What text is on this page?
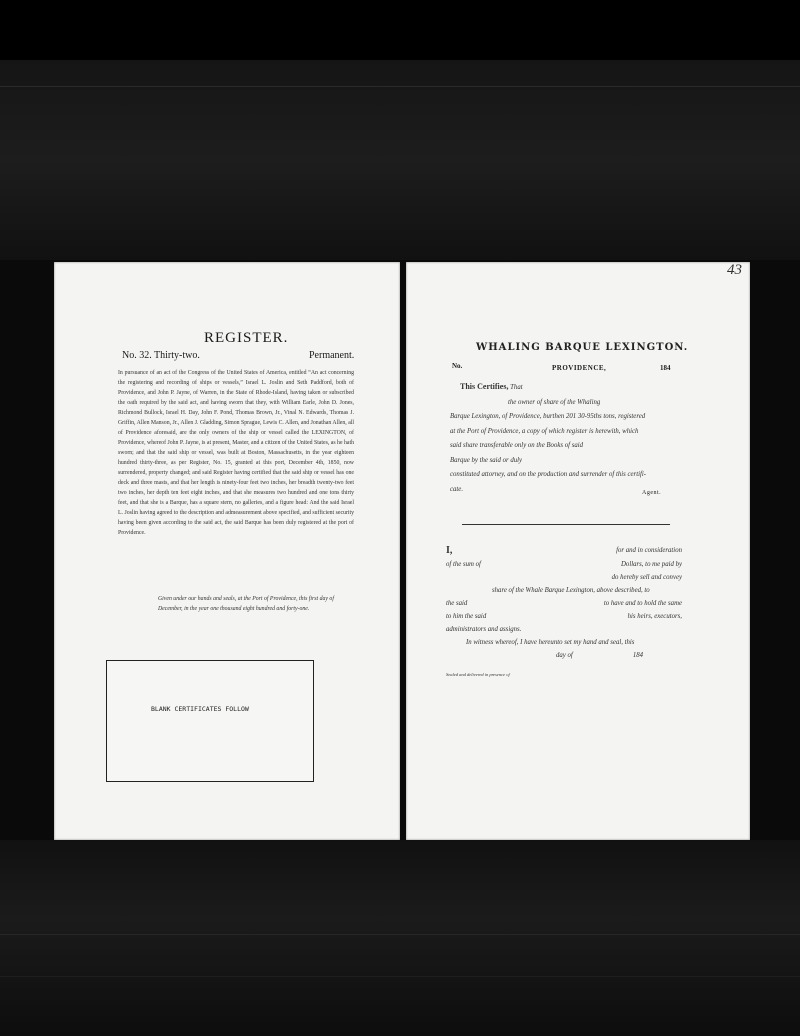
REGISTER.
No. 32. Thirty-two.	Permanent.
In pursuance of an act of the Congress of the United States of America, entitled “An act concerning the registering and recording of ships or vessels,” Israel L. Joslin and Seth Paddford, both of Providence, and John P. Jayne, of Warren, in the State of Rhode-Island, having taken or subscribed the oath required by the said act, and having sworn that they, with William Earle, John D. Jones, Richmond Bullock, Israel H. Day, John F. Pond, Thomas Brown, Jr., Vinal N. Edwards, Thomas J. Griffin, Allen Manson, Jr., Allen J. Gladding, Simon Sprague, Lewis C. Allen, and Jonathan Allen, all of Providence aforesaid, are the only owners of the ship or vessel called the LEXINGTON, of Providence, whereof John P. Jayne, is at present, Master, and a citizen of the United States, as he hath sworn; and that the said ship or vessel, was built at Boston, Massachusetts, in the year eighteen hundred thirty-three, as per Register, No. 15, granted at this port, December 4th, 1850, now surrendered, property changed; and said Register having certified that the said ship or vessel has one deck and three masts, and that her length is ninety-four feet two inches, her breadth twenty-two feet two inches, her depth ten feet eight inches, and that she measures two hundred and one tons thirty feet, and that she is a Barque, has a square stern, no galleries, and a figure head: And the said Israel L. Joslin having agreed to the description and admeasurement above specified, and sufficient security having been given according to the said act, the said Barque has been duly registered at the port of Providence.
Given under our hands and seals, at the Port of Providence, this first day of December, in the year one thousand eight hundred and forty-one.
BLANK CERTIFICATES FOLLOW
43
WHALING BARQUE LEXINGTON.
No.	PROVIDENCE,	184
This Certifies, That
the owner of share of the Whaling
Barque Lexington, of Providence, burthen 201 30-95ths tons, registered
at the Port of Providence, a copy of which register is herewith, which
said share transferable only on the Books of said
Barque by the said or duly
constituted attorney, and on the production and surrender of this certifi-
cate.
Agent.
I,	for and in consideration
of the sum of	Dollars, to me paid by
do hereby sell and convey
share of the Whale Barque Lexington, above described, to
the said	to have and to hold the same
to him the said	his heirs, executors,
administrators and assigns.
In witness whereof, I have hereunto set my hand and seal, this
day of	184
Sealed and delivered in presence of
